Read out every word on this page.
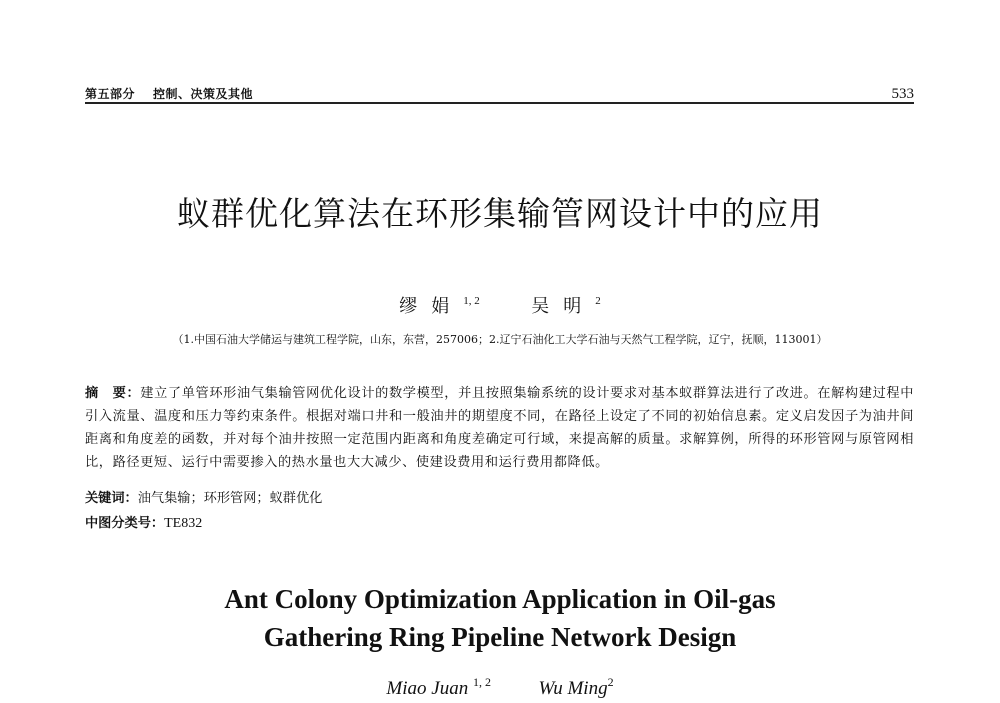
第五部分 控制、决策及其他	533
蚁群优化算法在环形集输管网设计中的应用
缪娟$^{1, 2}$	吴明$^2$
（1.中国石油大学储运与建筑工程学院，山东，东营，257006；2.辽宁石油化工大学石油与天然气工程学院，辽宁，抚顺，113001）
摘　要：建立了单管环形油气集输管网优化设计的数学模型，并且按照集输系统的设计要求对基本蚁群算法进行了改进。在解构建过程中引入流量、温度和压力等约束条件。根据对端口井和一般油井的期望度不同，在路径上设定了不同的初始信息素。定义启发因子为油井间距离和角度差的函数，并对每个油井按照一定范围内距离和角度差确定可行域，来提高解的质量。求解算例，所得的环形管网与原管网相比，路径更短、运行中需要掺入的热水量也大大减少、使建设费用和运行费用都降低。
关键词：油气集输；环形管网；蚁群优化
中图分类号：TE832
Ant Colony Optimization Application in Oil-gas
Gathering Ring Pipeline Network Design
Miao Juan $^{1, 2}$	Wu Ming$^2$
